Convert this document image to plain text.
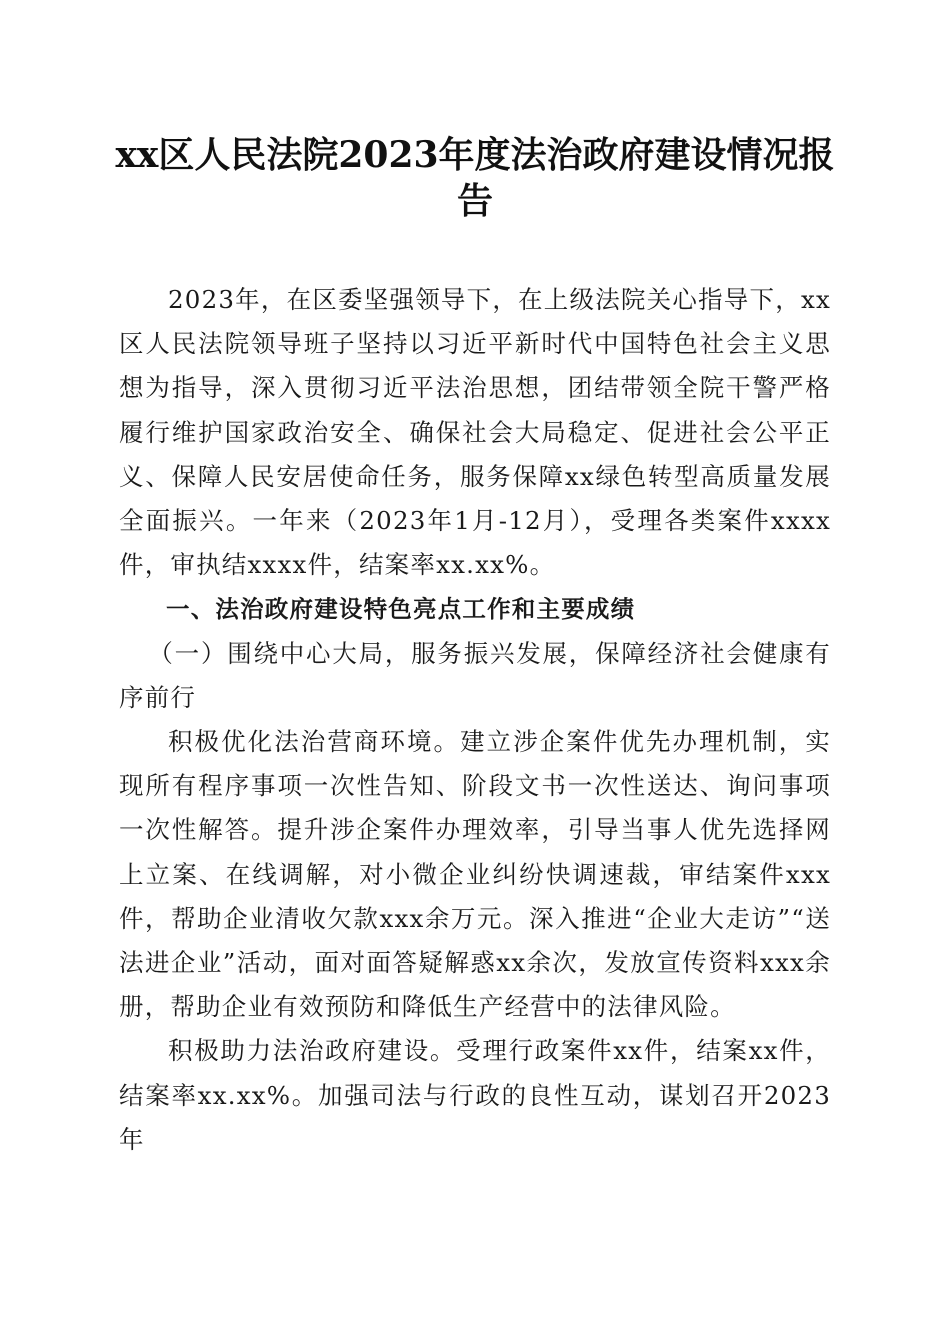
xx区人民法院2023年度法治政府建设情况报告

2023年，在区委坚强领导下，在上级法院关心指导下，xx区人民法院领导班子坚持以习近平新时代中国特色社会主义思想为指导，深入贯彻习近平法治思想，团结带领全院干警严格履行维护国家政治安全、确保社会大局稳定、促进社会公平正义、保障人民安居使命任务，服务保障xx绿色转型高质量发展全面振兴。一年来（2023年1月-12月），受理各类案件xxxx件，审执结xxxx件，结案率xx.xx%。

一、法治政府建设特色亮点工作和主要成绩

（一）围绕中心大局，服务振兴发展，保障经济社会健康有序前行

积极优化法治营商环境。建立涉企案件优先办理机制，实现所有程序事项一次性告知、阶段文书一次性送达、询问事项一次性解答。提升涉企案件办理效率，引导当事人优先选择网上立案、在线调解，对小微企业纠纷快调速裁，审结案件xxx件，帮助企业清收欠款xxx余万元。深入推进“企业大走访”“送法进企业”活动，面对面答疑解惑xx余次，发放宣传资料xxx余册，帮助企业有效预防和降低生产经营中的法律风险。

积极助力法治政府建设。受理行政案件xx件，结案xx件，结案率xx.xx%。加强司法与行政的良性互动，谋划召开2023年
